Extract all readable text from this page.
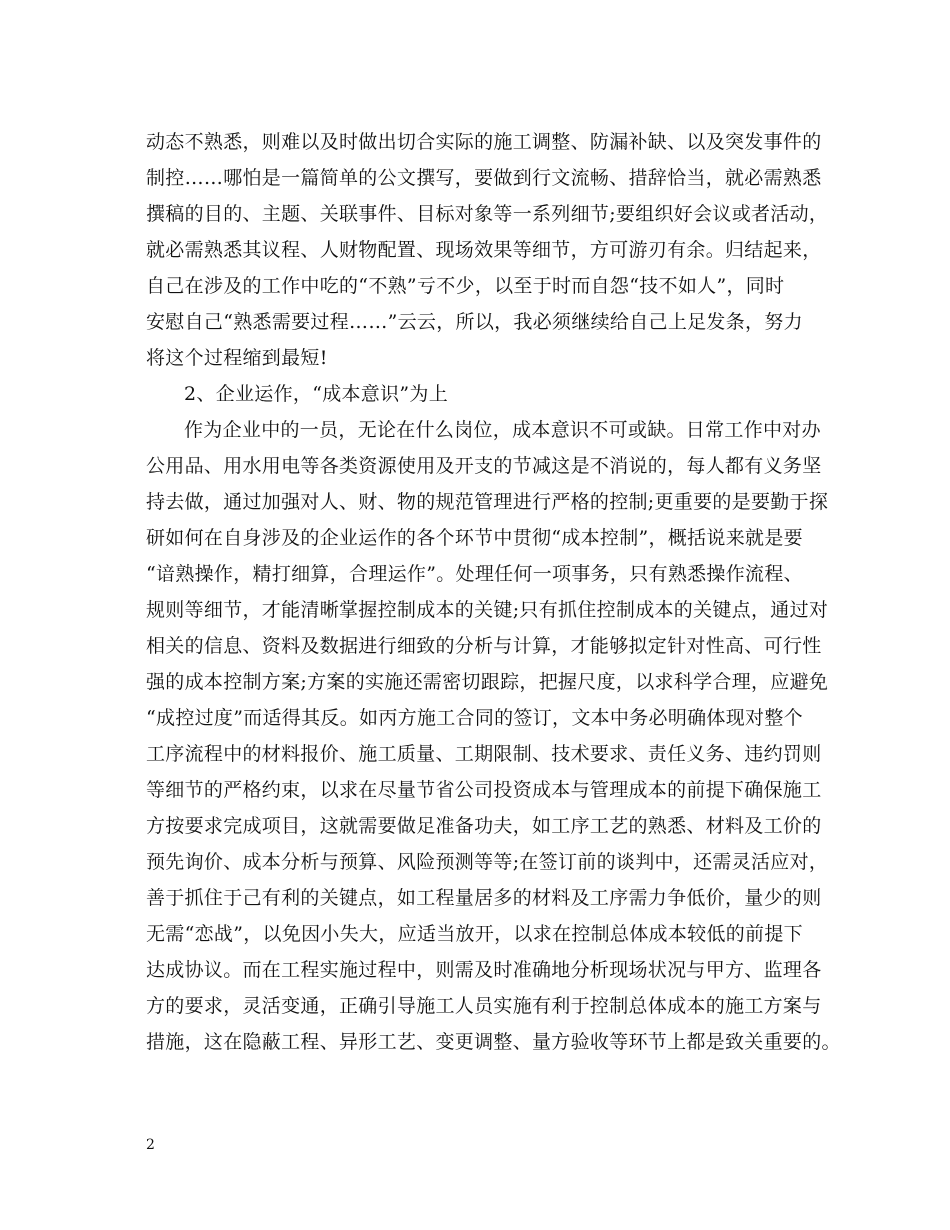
动态不熟悉，则难以及时做出切合实际的施工调整、防漏补缺、以及突发事件的
制控……哪怕是一篇简单的公文撰写，要做到行文流畅、措辞恰当，就必需熟悉
撰稿的目的、主题、关联事件、目标对象等一系列细节;要组织好会议或者活动，
就必需熟悉其议程、人财物配置、现场效果等细节，方可游刃有余。归结起来，
自己在涉及的工作中吃的“不熟”亏不少，以至于时而自怨“技不如人”，同时
安慰自己“熟悉需要过程……”云云，所以，我必须继续给自己上足发条，努力
将这个过程缩到最短!
2、企业运作，“成本意识”为上
作为企业中的一员，无论在什么岗位，成本意识不可或缺。日常工作中对办
公用品、用水用电等各类资源使用及开支的节减这是不消说的，每人都有义务坚
持去做，通过加强对人、财、物的规范管理进行严格的控制;更重要的是要勤于探
研如何在自身涉及的企业运作的各个环节中贯彻“成本控制”，概括说来就是要
“谙熟操作，精打细算，合理运作”。处理任何一项事务，只有熟悉操作流程、
规则等细节，才能清晰掌握控制成本的关键;只有抓住控制成本的关键点，通过对
相关的信息、资料及数据进行细致的分析与计算，才能够拟定针对性高、可行性
强的成本控制方案;方案的实施还需密切跟踪，把握尺度，以求科学合理，应避免
“成控过度”而适得其反。如丙方施工合同的签订，文本中务必明确体现对整个
工序流程中的材料报价、施工质量、工期限制、技术要求、责任义务、违约罚则
等细节的严格约束，以求在尽量节省公司投资成本与管理成本的前提下确保施工
方按要求完成项目，这就需要做足准备功夫，如工序工艺的熟悉、材料及工价的
预先询价、成本分析与预算、风险预测等等;在签订前的谈判中，还需灵活应对，
善于抓住于己有利的关键点，如工程量居多的材料及工序需力争低价，量少的则
无需“恋战”，以免因小失大，应适当放开，以求在控制总体成本较低的前提下
达成协议。而在工程实施过程中，则需及时准确地分析现场状况与甲方、监理各
方的要求，灵活变通，正确引导施工人员实施有利于控制总体成本的施工方案与
措施，这在隐蔽工程、异形工艺、变更调整、量方验收等环节上都是致关重要的。
2
